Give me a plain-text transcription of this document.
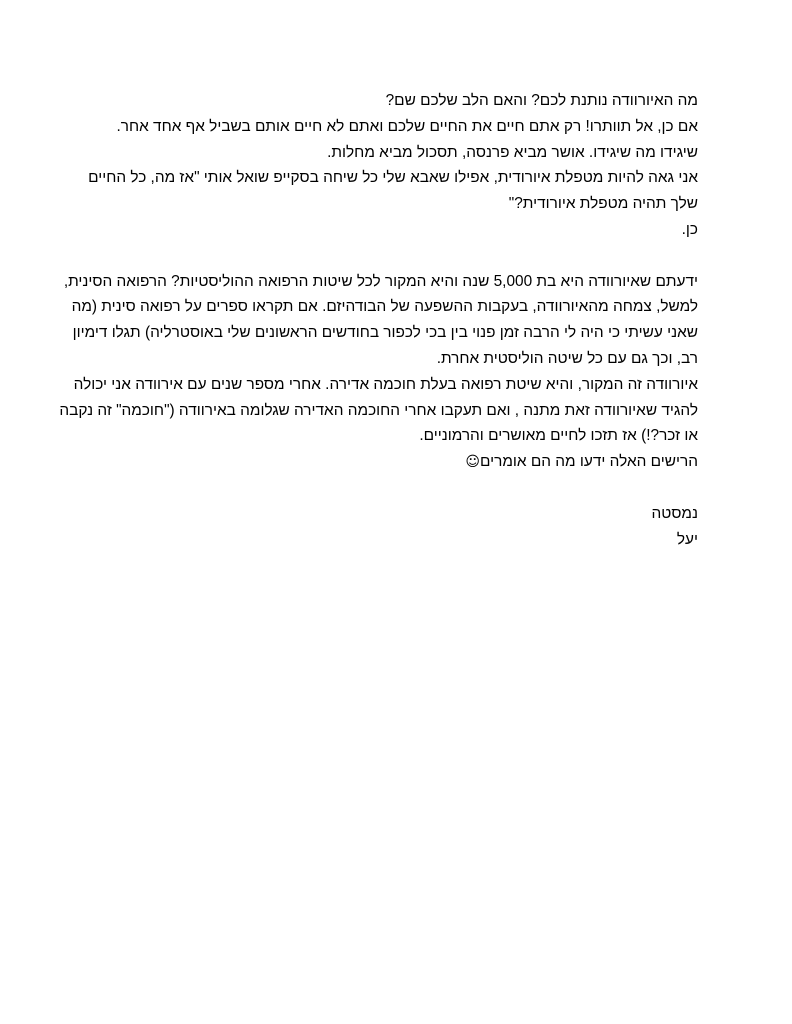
מה האיורוודה נותנת לכם? והאם הלב שלכם שם?
אם כן, אל תוותרו! רק אתם חיים את החיים שלכם ואתם לא חיים אותם בשביל אף אחד אחר.
שיגידו מה שיגידו. אושר מביא פרנסה, תסכול מביא מחלות.
אני גאה להיות מטפלת איורודית, אפילו שאבא שלי כל שיחה בסקייפ שואל אותי "אז מה, כל החיים
שלך תהיה מטפלת איורודית?"
כן.
ידעתם שאיורוודה היא בת 5,000 שנה והיא המקור לכל שיטות הרפואה ההוליסטיות? הרפואה הסינית,
למשל, צמחה מהאיורוודה, בעקבות ההשפעה של הבודהיזם. אם תקראו ספרים על רפואה סינית (מה
שאני עשיתי כי היה לי הרבה זמן פנוי בין בכי לכפור בחודשים הראשונים שלי באוסטרליה) תגלו דימיון
רב, וכך גם עם כל שיטה הוליסטית אחרת.
איורוודה זה המקור, והיא שיטת רפואה בעלת חוכמה אדירה. אחרי מספר שנים עם אירוודה אני יכולה
להגיד שאיורוודה זאת מתנה , ואם תעקבו אחרי החוכמה האדירה שגלומה באירוודה ("חוכמה" זה נקבה
או זכר?!) אז תזכו לחיים מאושרים והרמוניים.
הרישים האלה ידעו מה הם אומרים☺
נמסטה
יעל
